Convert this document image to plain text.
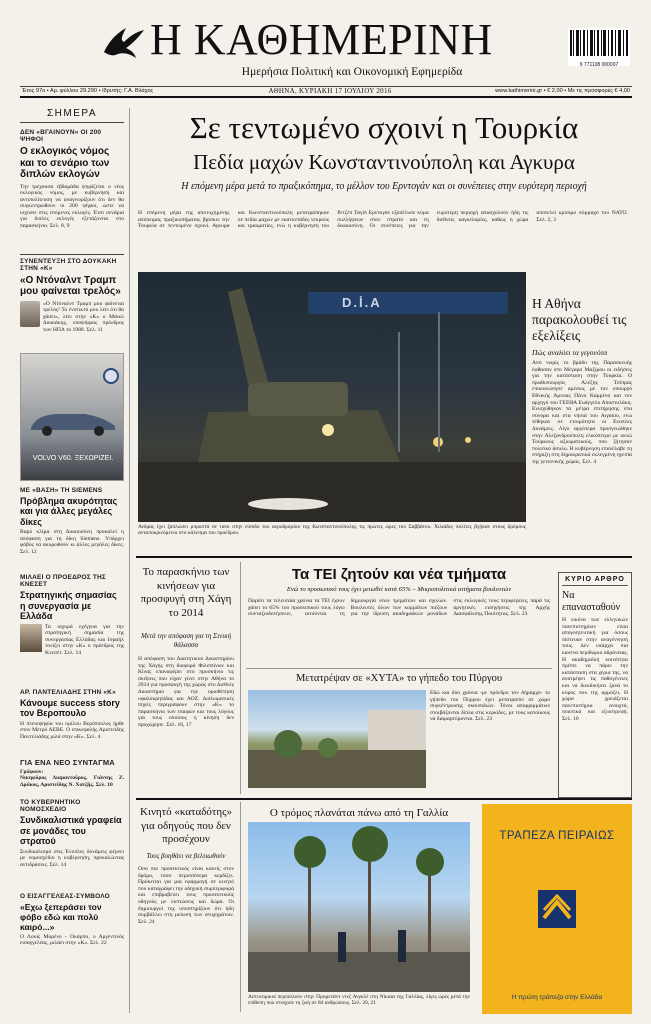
Η ΚΑΘΗΜΕΡΙΝΗ
Ημερήσια Πολιτική και Οικονομική Εφημερίδα
9 771108 000007
Έτος 97ο • Αρ. φύλλου 29.290 • Ιδρυτής: Γ.Α. Βλάχος	ΑΘΗΝΑ, ΚΥΡΙΑΚΗ 17 ΙΟΥΛΙΟΥ 2016	www.kathimerini.gr • € 2,00 • Με τις προσφορές € 4,00
ΣΗΜΕΡΑ
ΔΕΝ «ΒΓΑΙΝΟΥΝ» ΟΙ 200 ΨΗΦΟΙ
Ο εκλογικός νόμος και το σενάριο των διπλών εκλογών
Την τρέχουσα εβδομάδα ψηφίζεται ο νέος εκλογικός νόμος, με κυβέρνηση και αντιπολίτευση να αναγνωρίζουν ότι δεν θα συγκεντρωθούν οι 200 ψήφοι, ώστε να ισχύσει στις επόμενες εκλογές. Έτσι σενάρια για διπλές εκλογές εξετάζονται στο παρασκήνιο. Σελ. 8, 9
ΣΥΝΕΝΤΕΥΞΗ ΣΤΟ ΔΟΥΚΑΚΗ ΣΤΗΝ «Κ»
«Ο Ντόναλντ Τραμπ μου φαίνεται τρελός»
«Ο Ντόναλντ Τραμπ μου φαίνεται τρελός! Το ένστικτό μου λέει ότι θα χάσει», λέει στην «Κ» ο Μάικλ Δουκάκης, υποψήφιος πρόεδρος των ΗΠΑ το 1988. Σελ. 11
VOLVO V60. ΞΕΧΩΡΙΖΕΙ.
ΜΕ «ΒΑΣΗ» ΤΗ SIEMENS
Πρόβλημα ακυρότητας και για άλλες μεγάλες δίκες
Βαρύ κλίμα στη Δικαιοσύνη προκαλεί η απόφαση για τη δίκη Siemens. Υπάρχει φόβος να ακυρωθούν κι άλλες μεγάλες δίκες. Σελ. 12
ΜΙΛΑΕΙ Ο ΠΡΟΕΔΡΟΣ ΤΗΣ ΚΝΕΣΕΤ
Στρατηγικής σημασίας η συνεργασία με Ελλάδα
Τα ισχυρά εχέγγυα για την στρατηγική σημασία της συνεργασίας Ελλάδας και Ισραήλ τονίζει στην «Κ» ο πρόεδρος της Κνεσέτ. Σελ. 14
ΑΡ. ΠΑΝΤΕΛΙΑΔΗΣ ΣΤΗΝ «Κ»
Κάνουμε success story τον Βεροπουλο
Η πλειοψηφία του ομίλου Βερόπουλος ήρθε στον Μετρό ΑΕΒΕ. Ο επικεφαλής Αριστείδης Παντελιάδης μιλά στην «Κ». Σελ. 4
ΓΙΑ ΕΝΑ ΝΕΟ ΣΥΝΤΑΓΜΑ
Γράφουν:
Νικηφόρος Διαμαντούρος, Γιάννης Ζ. Δράκος, Αριστείδης Ν. Χατζής. Σελ. 10
ΤΟ ΚΥΒΕΡΝΗΤΙΚΟ ΝΟΜΟΣΧΕΔΙΟ
Συνδικαλιστικά γραφεία σε μονάδες του στρατού
Συνδικαλισμό στις Ένοπλες δυνάμεις φέρνει με νομοσχέδιο η κυβέρνηση, προκαλώντας αντιδράσεις. Σελ. 14
Ο ΕΙΣΑΓΓΕΛΕΑΣ-ΣΥΜΒΟΛΟ
«Εχω ξεπεράσει τον φόβο εδώ και πολύ καιρό...»
Ο Λουίς Μορένο - Οκάμπο, ο Αργεντινός εισαγγελέας, μιλάει στην «Κ». Σελ. 22
Σε τεντωμένο σχοινί η Τουρκία
Πεδία μαχών Κωνσταντινούπολη και Αγκυρα
Η επόμενη μέρα μετά το πραξικόπημα, το μέλλον του Ερντογάν και οι συνέπειες στην ευρύτερη περιοχή
Η επόμενη μέρα της αποτυχημένης απόπειρας πραξικοπήματος βρίσκει την Τουρκία σε τεντωμένο σχοινί. Αγκυρα και Κωνσταντινούπολη μετατράπηκαν σε πεδία μαχών με εκατοντάδες νεκρούς και τραυματίες, ενώ η κυβέρνηση του Ρετζέπ Ταγίπ Ερντογάν εξαπέλυσε κύμα συλλήψεων στον στρατό και τη δικαιοσύνη. Οι συνέπειες για την ευρύτερη περιοχή απασχολούν ήδη τις διεθνείς καγκελαρίες, καθώς η χώρα αποτελεί κρίσιμο σύμμαχο του ΝΑΤΟ. Σελ. 2, 3
D.İ.A
Ανδρας έχει ξαπλώσει μπροστά σε τανκ στην είσοδο του αεροδρομίου της Κωνσταντινούπολης τις πρώτες ώρες του Σαββάτου. Χιλιάδες πολίτες βγήκαν στους δρόμους ανταποκρινόμενοι στο κάλεσμα του προέδρου.
Η Αθήνα παρακολουθεί τις εξελίξεις
Πώς αναλύει τα γεγονότα
Από νωρίς το βράδυ της Παρασκευής έφθασαν στο Μέγαρο Μαξίμου οι ειδήσεις για την κατάσταση στην Τουρκία. Ο πρωθυπουργός Αλέξης Τσίπρας επικοινώνησε αμέσως με τον υπουργό Εθνικής Αμυνας Πάνο Καμμένο και τον αρχηγό του ΓΕΕΘΑ Ευάγγελο Αποστολάκη. Ενισχύθηκαν τα μέτρα επιτήρησης στα σύνορα και στα νησιά του Αιγαίου, ενώ τέθηκαν σε ετοιμότητα οι Ενοπλες Δυνάμεις. Λίγο αργότερα προσγειώθηκε στην Αλεξανδρούπολη ελικόπτερο με οκτώ Τούρκους αξιωματικούς, που ζήτησαν πολιτικό άσυλο. Η κυβέρνηση επανέλαβε τη στήριξη στη δημοκρατικά εκλεγμένη ηγεσία της γειτονικής χώρας. Σελ. 4
Το παρασκήνιο των κινήσεων για προσφυγή στη Χάγη το 2014
Μετά την απόφαση για τη Σινική θάλασσα
Η απόφαση του Διαιτητικού Δικαστηρίου της Χάγης στη διαφορά Φιλιππίνων και Κίνας επαναφέρει στο προσκήνιο τις σκέψεις που είχαν γίνει στην Αθήνα το 2014 για προσφυγή της χώρας στο Διεθνές Δικαστήριο για την οριοθέτηση υφαλοκρηπίδας και ΑΟΖ. Διπλωματικές πηγές περιγράφουν στην «Κ» το παρασκήνιο των επαφών και τους λόγους για τους οποίους η κίνηση δεν προχώρησε. Σελ. 16, 17
Τα ΤΕΙ ζητούν και νέα τμήματα
Ενώ το προσωπικό τους έχει μειωθεί κατά 65% – Μικροπολιτικά αιτήματα βουλευτών
Παρότι τα τελευταία χρόνια τα ΤΕΙ έχουν χάσει το 65% του προσωπικού τους λόγω συνταξιοδοτήσεων, αιτούνται τη δημιουργία νέων τμημάτων και σχολών. Βουλευτές όλων των κομμάτων πιέζουν για την ίδρυση ακαδημαϊκών μονάδων στις εκλογικές τους περιφέρειες, παρά τις αρνητικές εισηγήσεις της Αρχής Διασφάλισης Ποιότητας. Σελ. 23
Μετατρέψαν σε «ΧΥΤΑ» το γήπεδο του Πύργου
Εδώ και δύο χρόνια -με πρόεδρο τον δήμαρχο- το γήπεδο του Πύργου έχει μετατραπεί σε χώρο συγκέντρωσης σκουπιδιών. Τόνοι απορριμμάτων στοιβάζονται δίπλα στις κερκίδες, με τους κατοίκους να διαμαρτύρονται. Σελ. 23
ΚΥΡΙΟ ΑΡΘΡΟ
Να επανασταθούν
Η εικόνα των ελληνικών πανεπιστημίων είναι απογοητευτική για όσους πίστευαν στην αναγέννησή τους. Δεν υπάρχει πια κανένα περιθώριο αδράνειας. Η ακαδημαϊκή κοινότητα πρέπει να πάρει την κατάσταση στα χέρια της, να ανατρέψει τις παθογένειες και να διεκδικήσει ξανά το κύρος που της αρμόζει. Η χώρα χρειάζεται πανεπιστήμια ανοιχτά, ποιοτικά και εξωστρεφή. Σελ. 10
Κινητό «καταδότης» για οδηγούς που δεν προσέχουν
Τους βοηθάει να βελτιωθούν
Οσο πιο προσεκτικός είναι κανείς στον δρόμο, τόσο περισσότερα κερδίζει. Πρόκειται για μια εφαρμογή σε κινητό που καταγράφει την οδηγική συμπεριφορά και επιβραβεύει τους προσεκτικούς οδηγούς με εκπτώσεις και δώρα. Οι δημιουργοί της υποστηρίζουν ότι ήδη συμβάλλει στη μείωση των ατυχημάτων. Σελ. 24
Ο τρόμος πλανάται πάνω από τη Γαλλία
Αστυνομικοί περιπολούν στην Προμενάντ ντεζ Ανγκλέ στη Νίκαια της Γαλλίας, λίγες ώρες μετά την επίθεση που στοίχισε τη ζωή σε 84 ανθρώπους. Σελ. 20, 21
ΤΡΑΠΕΖΑ ΠΕΙΡΑΙΩΣ
Η πρώτη τράπεζα στην Ελλάδα
